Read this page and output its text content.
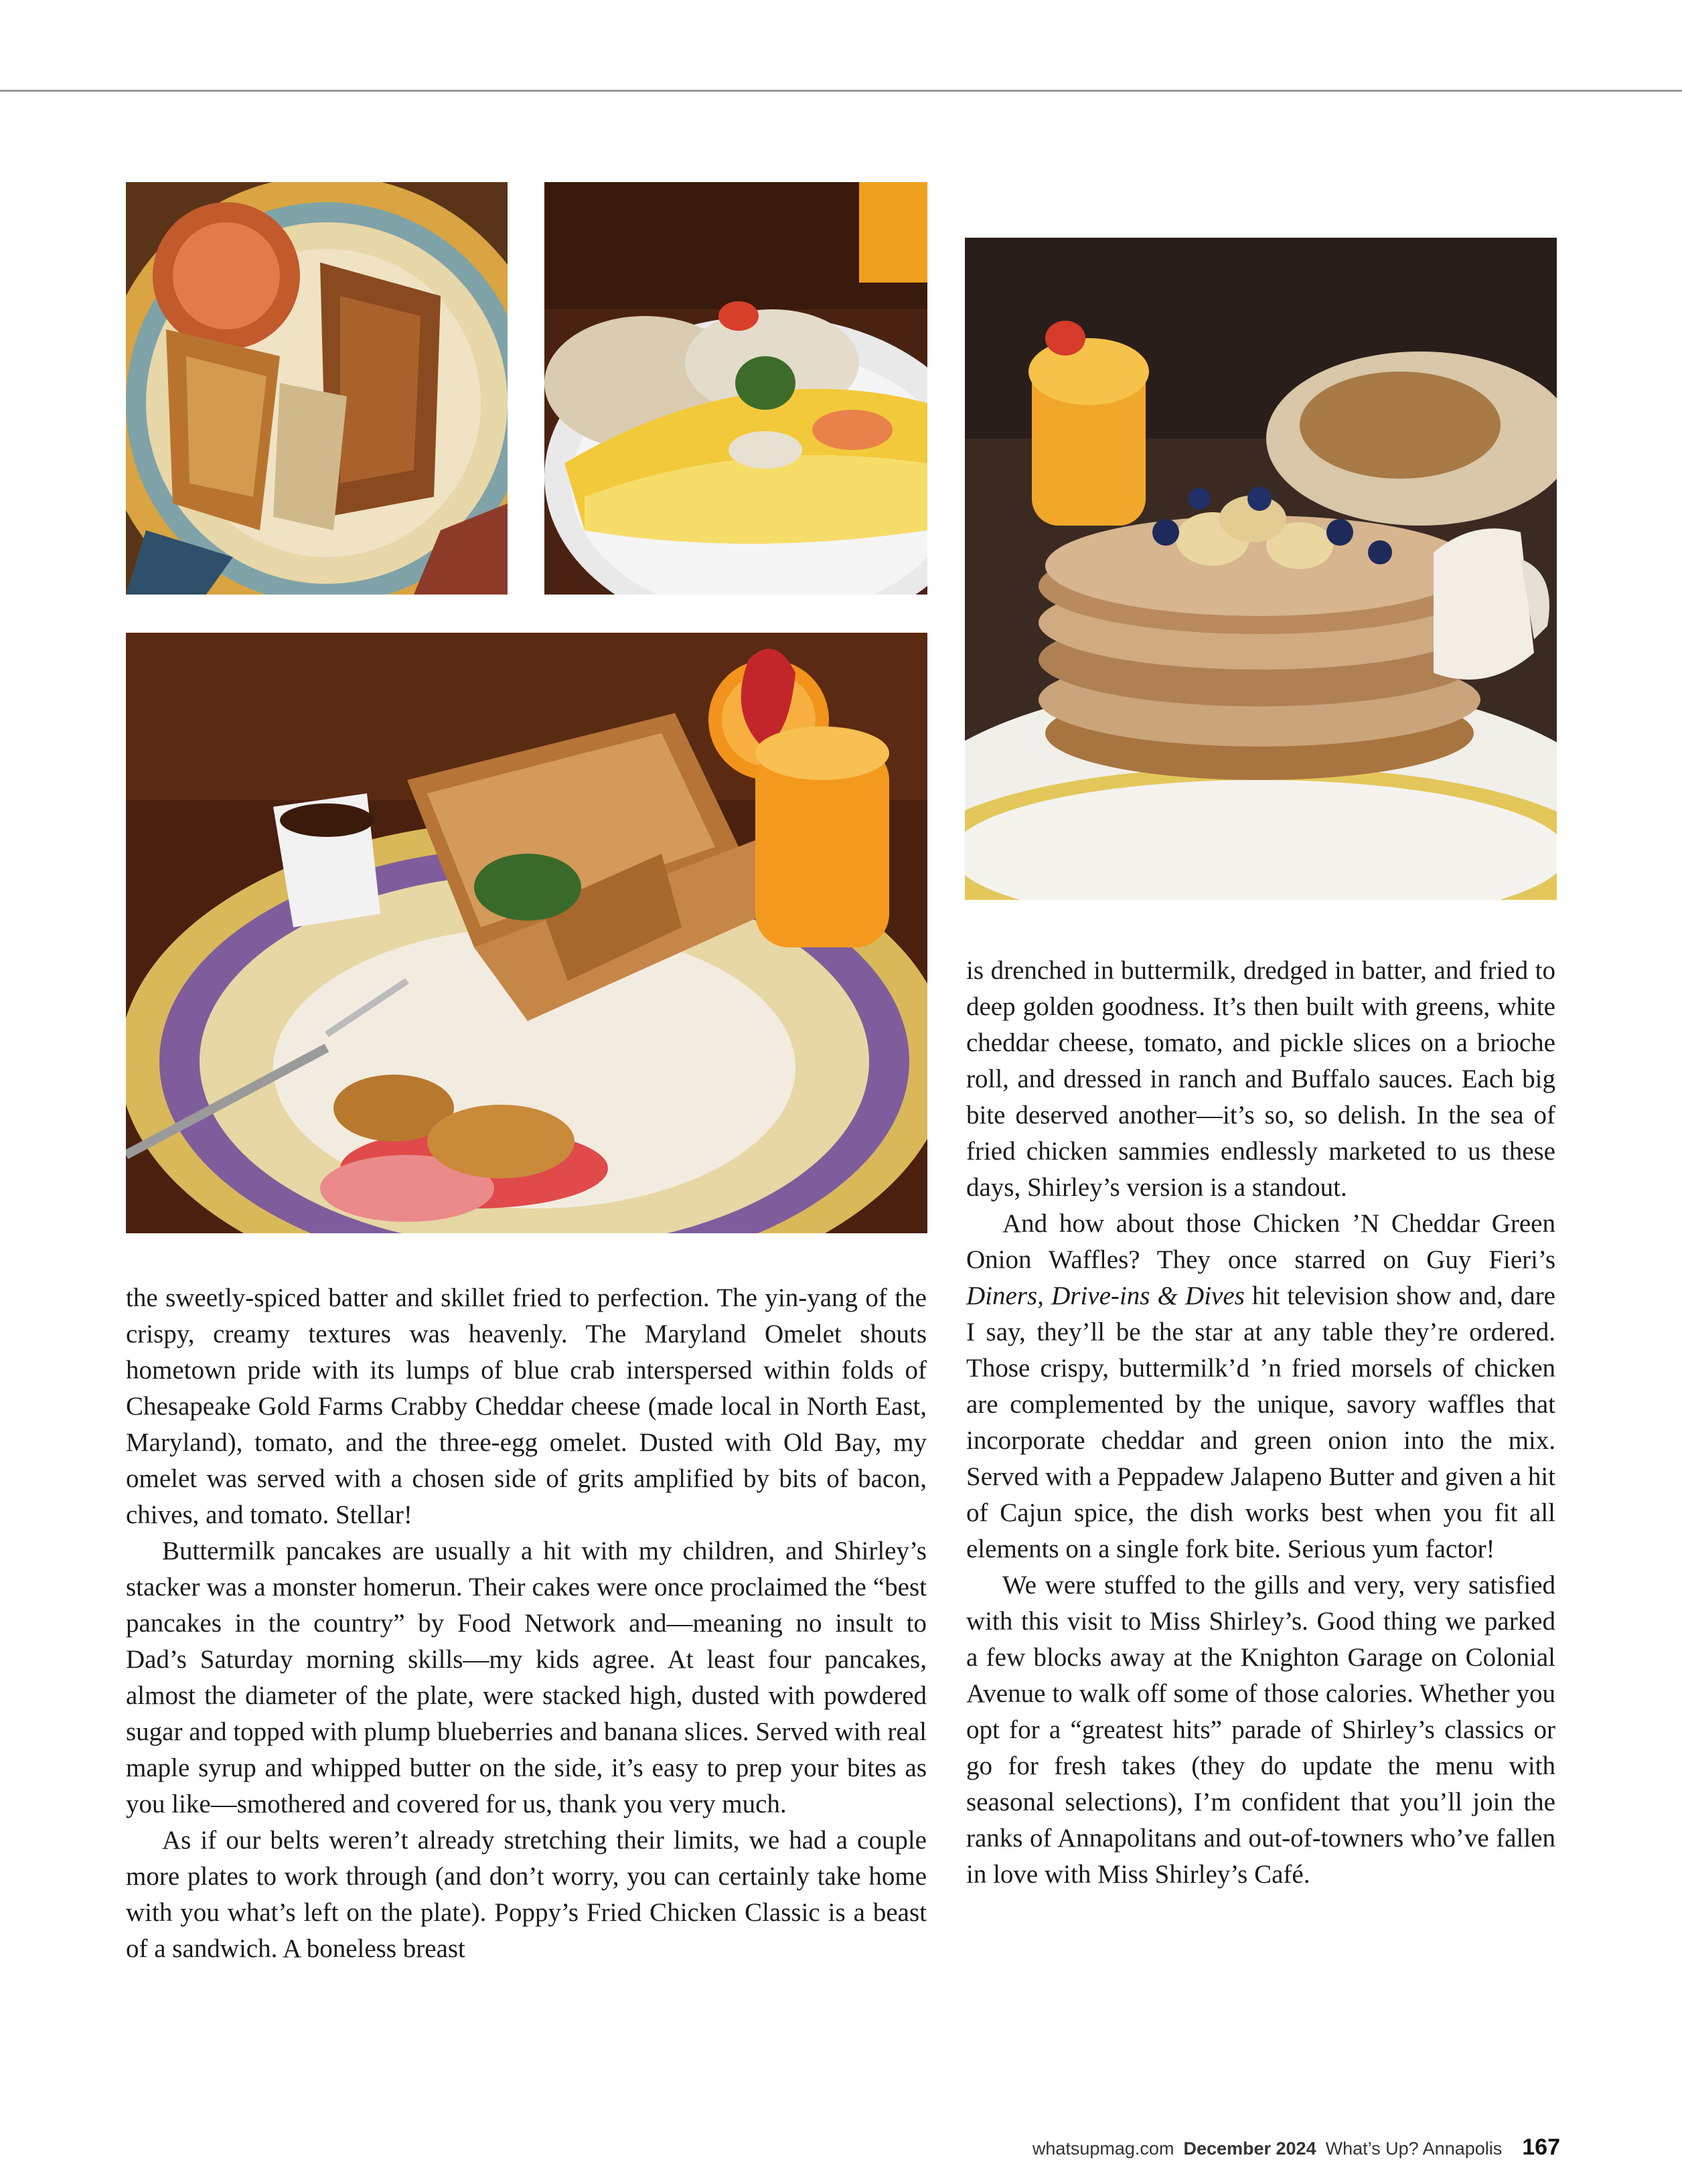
the sweetly-spiced batter and skillet fried to perfection. The yin-yang of the crispy, creamy textures was heavenly. The Maryland Omelet shouts hometown pride with its lumps of blue crab interspersed within folds of Chesapeake Gold Farms Crabby Cheddar cheese (made local in North East, Maryland), tomato, and the three-egg omelet. Dusted with Old Bay, my omelet was served with a chosen side of grits amplified by bits of bacon, chives, and tomato. Stellar!

Buttermilk pancakes are usually a hit with my children, and Shirley’s stacker was a monster homerun. Their cakes were once proclaimed the “best pancakes in the country” by Food Network and—meaning no insult to Dad’s Saturday morning skills—my kids agree. At least four pancakes, almost the diameter of the plate, were stacked high, dusted with powdered sugar and topped with plump blueberries and banana slices. Served with real maple syrup and whipped butter on the side, it’s easy to prep your bites as you like—smothered and covered for us, thank you very much.

As if our belts weren’t already stretching their limits, we had a couple more plates to work through (and don’t worry, you can certainly take home with you what’s left on the plate). Poppy’s Fried Chicken Classic is a beast of a sandwich. A boneless breast

is drenched in buttermilk, dredged in batter, and fried to deep golden goodness. It’s then built with greens, white cheddar cheese, tomato, and pickle slices on a brioche roll, and dressed in ranch and Buffalo sauces. Each big bite deserved another—it’s so, so delish. In the sea of fried chicken sammies endlessly marketed to us these days, Shirley’s version is a standout.

And how about those Chicken ’N Cheddar Green Onion Waffles? They once starred on Guy Fieri’s Diners, Drive-ins & Dives hit television show and, dare I say, they’ll be the star at any table they’re ordered. Those crispy, buttermilk’d ’n fried morsels of chicken are complemented by the unique, savory waffles that incorporate cheddar and green onion into the mix. Served with a Peppadew Jalapeno Butter and given a hit of Cajun spice, the dish works best when you fit all elements on a single fork bite. Serious yum factor!

We were stuffed to the gills and very, very satisfied with this visit to Miss Shirley’s. Good thing we parked a few blocks away at the Knighton Garage on Colonial Avenue to walk off some of those calories. Whether you opt for a “greatest hits” parade of Shirley’s classics or go for fresh takes (they do update the menu with seasonal selections), I’m confident that you’ll join the ranks of Annapolitans and out-of-towners who’ve fallen in love with Miss Shirley’s Café.

whatsupmag.com December 2024 What’s Up? Annapolis 167
